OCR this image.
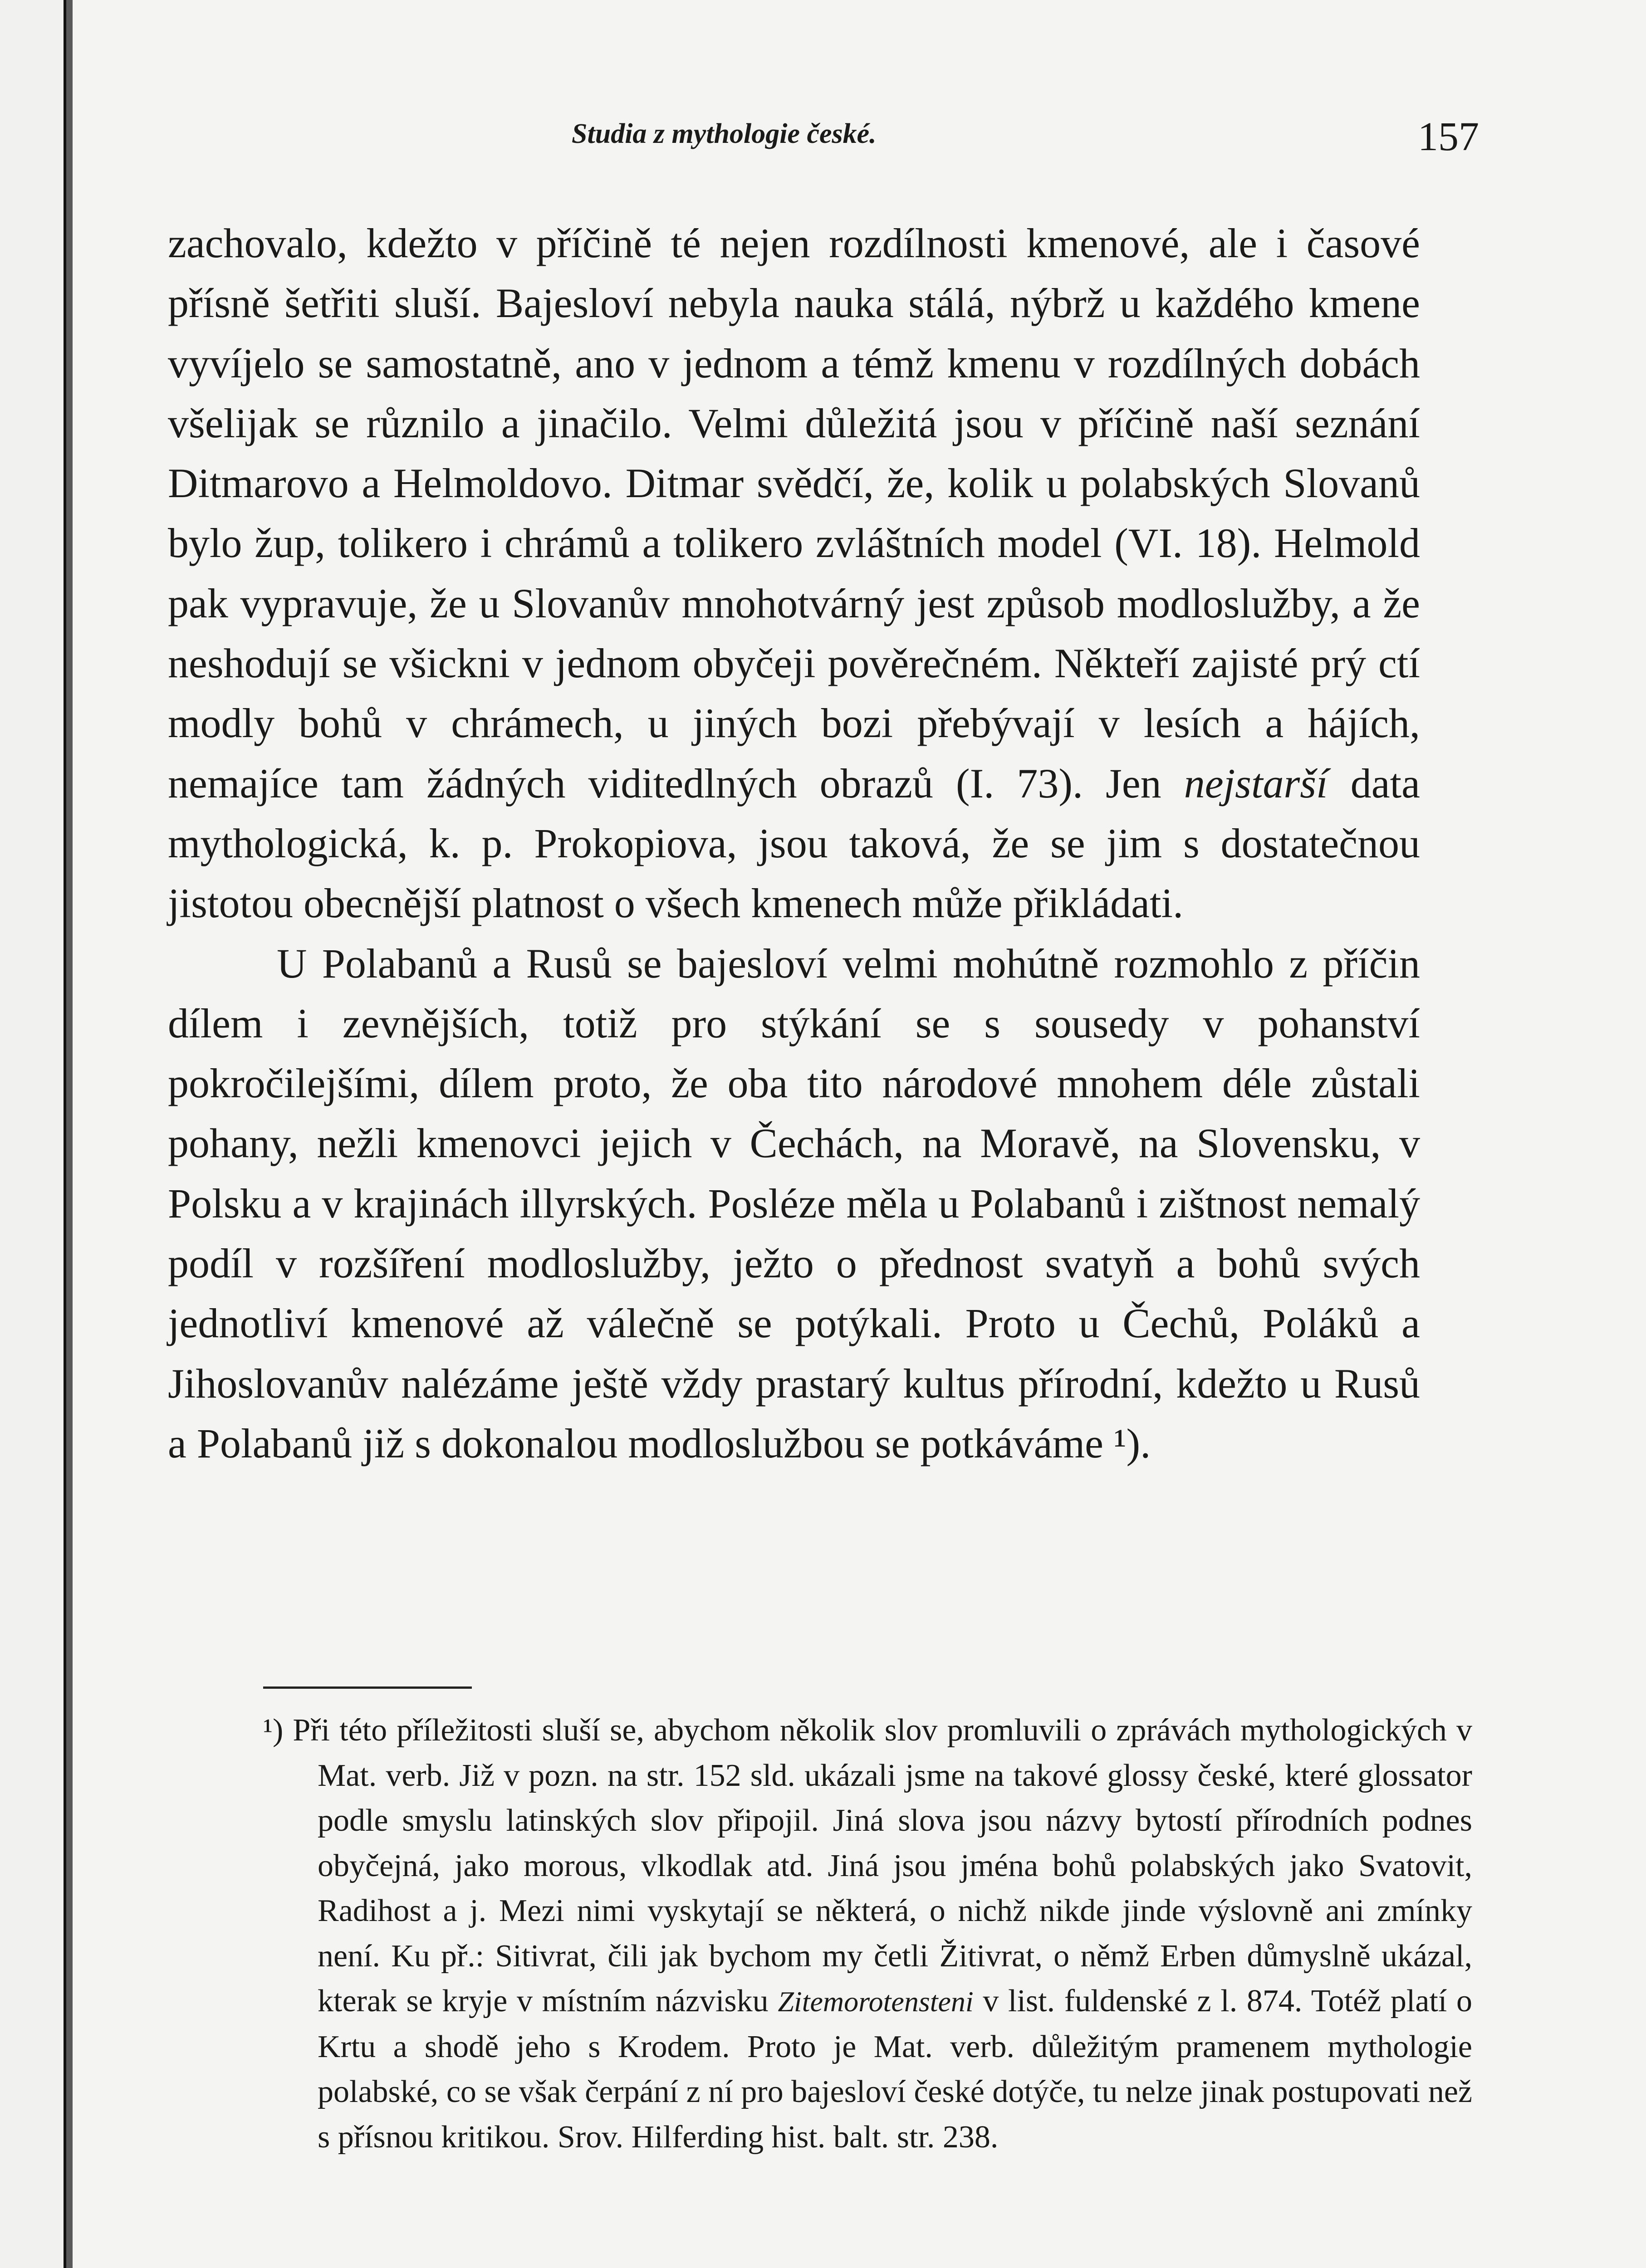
Studia z mythologie české.	157

zachovalo, kdežto v příčině té nejen rozdílnosti kmenové, ale i časové přísně šetřiti sluší. Bajesloví nebyla nauka stálá, nýbrž u každého kmene vyvíjelo se samostatně, ano v jednom a témž kmenu v rozdílných dobách všelijak se různilo a jinačilo. Velmi důležitá jsou v příčině naší seznání Ditmarovo a Helmoldovo. Ditmar svědčí, že, kolik u polabských Slovanů bylo žup, tolikero i chrámů a tolikero zvláštních model (VI. 18). Helmold pak vypravuje, že u Slovanův mnohotvárný jest způsob modloslužby, a že neshodují se všickni v jednom obyčeji pověrečném. Někteří zajisté prý ctí modly bohů v chrámech, u jiných bozi přebývají v lesích a hájích, nemajíce tam žádných viditedlných obrazů (I. 73). Jen nejstarší data mythologická, k. p. Prokopiova, jsou taková, že se jim s dostatečnou jistotou obecnější platnost o všech kmenech může přikládati.

U Polabanů a Rusů se bajesloví velmi mohútně rozmohlo z příčin dílem i zevnějších, totiž pro stýkání se s sousedy v pohanství pokročilejšími, dílem proto, že oba tito národové mnohem déle zůstali pohany, nežli kmenovci jejich v Čechách, na Moravě, na Slovensku, v Polsku a v krajinách illyrských. Posléze měla u Polabanů i zištnost nemalý podíl v rozšíření modloslužby, ježto o přednost svatyň a bohů svých jednotliví kmenové až válečně se potýkali. Proto u Čechů, Poláků a Jihoslovanův nalézáme ještě vždy prastarý kultus přírodní, kdežto u Rusů a Polabanů již s dokonalou modloslužbou se potkáváme ¹).

¹) Při této příležitosti sluší se, abychom několik slov promluvili o zprávách mythologických v Mat. verb. Již v pozn. na str. 152 sld. ukázali jsme na takové glossy české, které glossator podle smyslu latinských slov připojil. Jiná slova jsou názvy bytostí přírodních podnes obyčejná, jako morous, vlkodlak atd. Jiná jsou jména bohů polabských jako Svatovit, Radihost a j. Mezi nimi vyskytají se některá, o nichž nikde jinde výslovně ani zmínky není. Ku př.: Sitivrat, čili jak bychom my četli Žitivrat, o němž Erben důmyslně ukázal, kterak se kryje v místním názvisku Zitemorotensteni v list. fuldenské z l. 874. Totéž platí o Krtu a shodě jeho s Krodem. Proto je Mat. verb. důležitým pramenem mythologie polabské, co se však čerpání z ní pro bajesloví české dotýče, tu nelze jinak postupovati než s přísnou kritikou. Srov. Hilferding hist. balt. str. 238.
